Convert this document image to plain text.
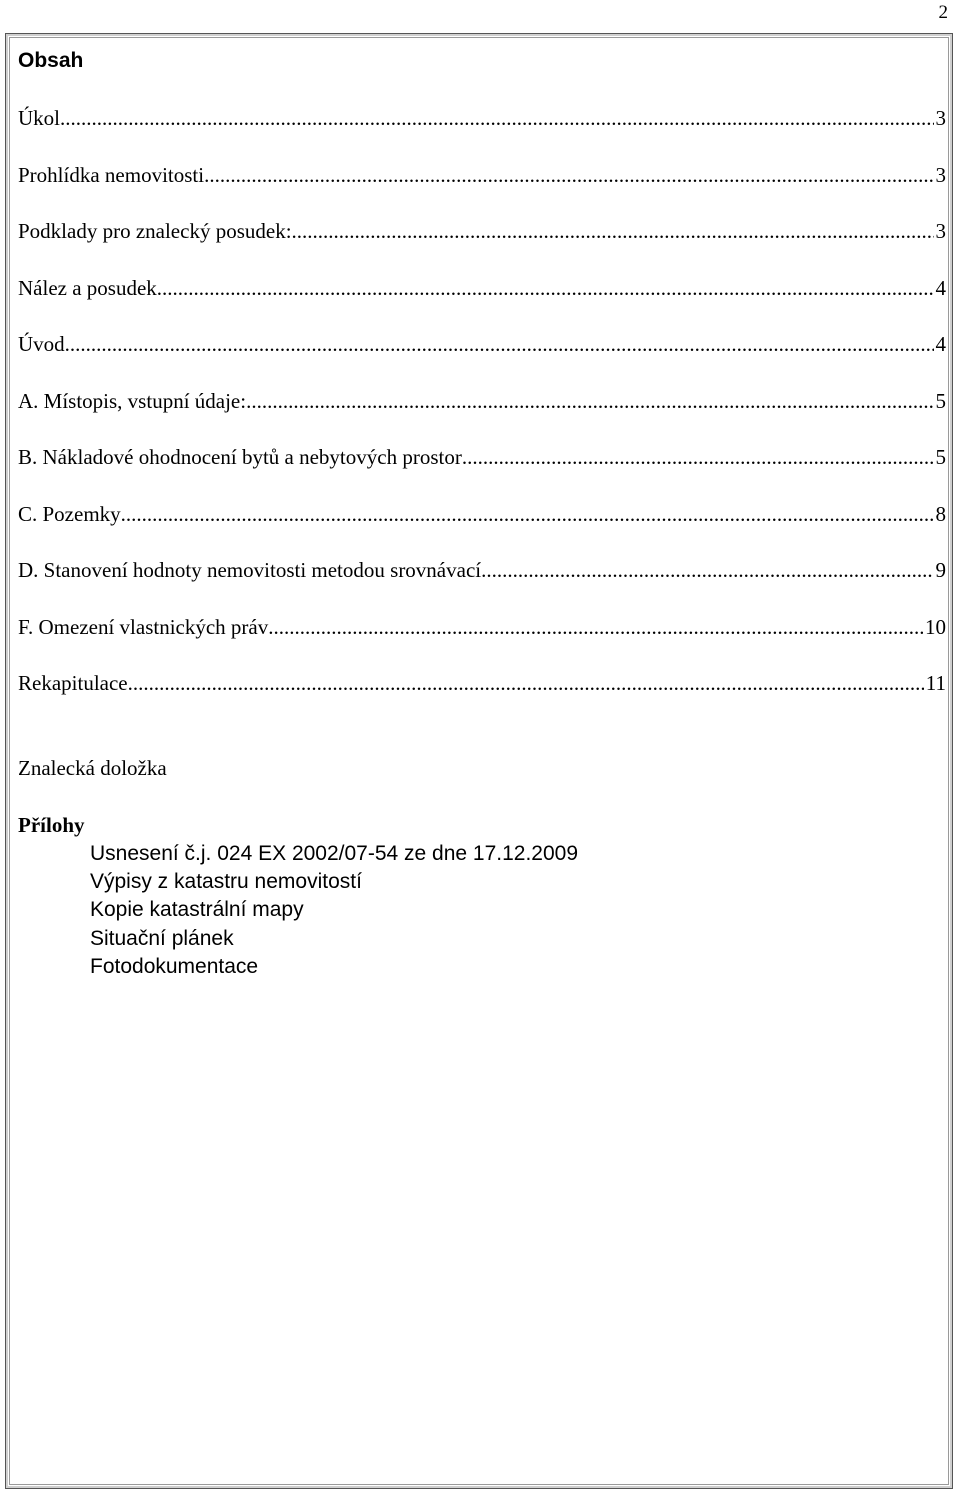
2
Obsah
Úkol .....	3
Prohlídka nemovitosti .....	3
Podklady pro znalecký posudek: .....	3
Nález a posudek .....	4
Úvod .....	4
A. Místopis, vstupní údaje: .....	5
B. Nákladové ohodnocení bytů a nebytových prostor .....	5
C. Pozemky .....	8
D. Stanovení hodnoty nemovitosti metodou srovnávací .....	9
F. Omezení vlastnických práv .....	10
Rekapitulace .....	11
Znalecká doložka
Přílohy
Usnesení č.j. 024 EX 2002/07-54 ze dne 17.12.2009
Výpisy z katastru nemovitostí
Kopie katastrální mapy
Situační plánek
Fotodokumentace
